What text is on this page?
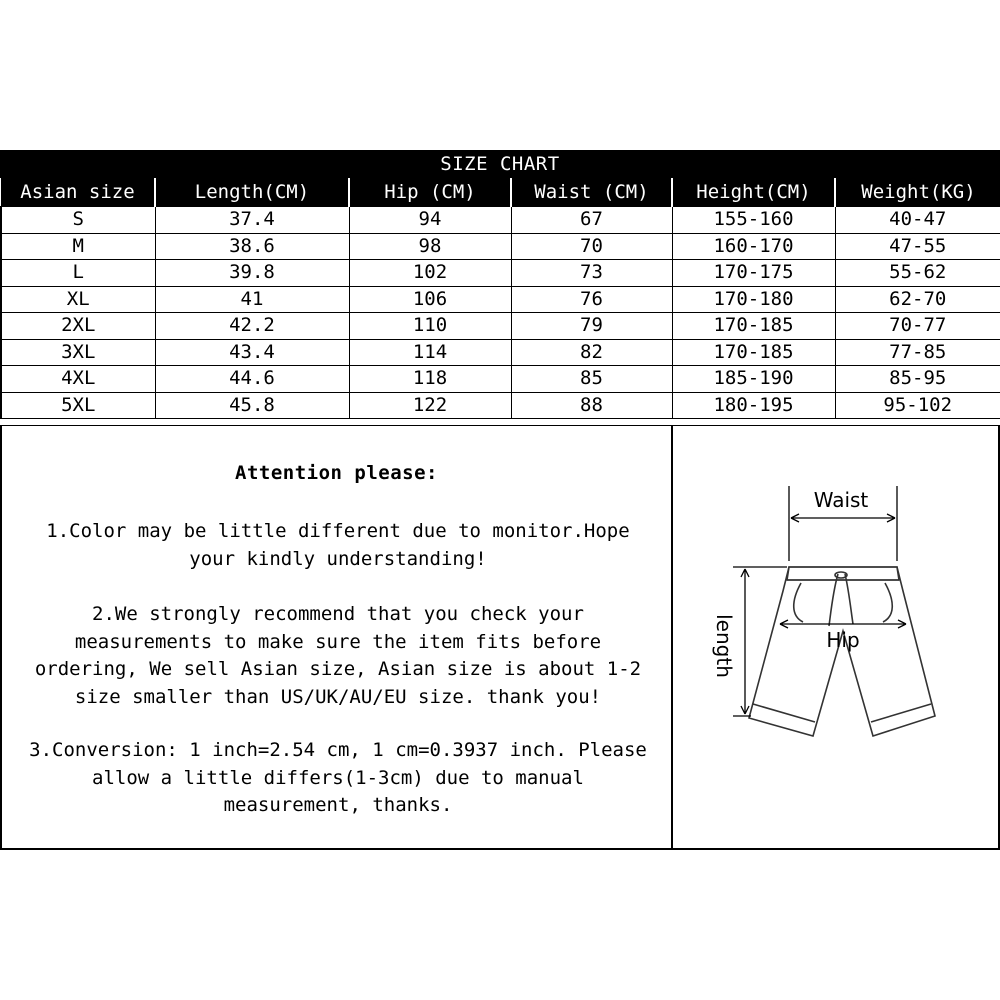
SIZE CHART
Asian size	Length(CM)	Hip (CM)	Waist (CM)	Height(CM)	Weight(KG)
S	37.4	94	67	155-160	40-47
M	38.6	98	70	160-170	47-55
L	39.8	102	73	170-175	55-62
XL	41	106	76	170-180	62-70
2XL	42.2	110	79	170-185	70-77
3XL	43.4	114	82	170-185	77-85
4XL	44.6	118	85	185-190	85-95
5XL	45.8	122	88	180-195	95-102
Attention please:
1.Color may be little different due to monitor.Hope
your kindly understanding!
2.We strongly recommend that you check your
measurements to make sure the item fits before
ordering, We sell Asian size, Asian size is about 1-2
size smaller than US/UK/AU/EU size. thank you!
3.Conversion: 1 inch=2.54 cm, 1 cm=0.3937 inch. Please
allow a little differs(1-3cm) due to manual
measurement, thanks.
Waist
Hip
length
